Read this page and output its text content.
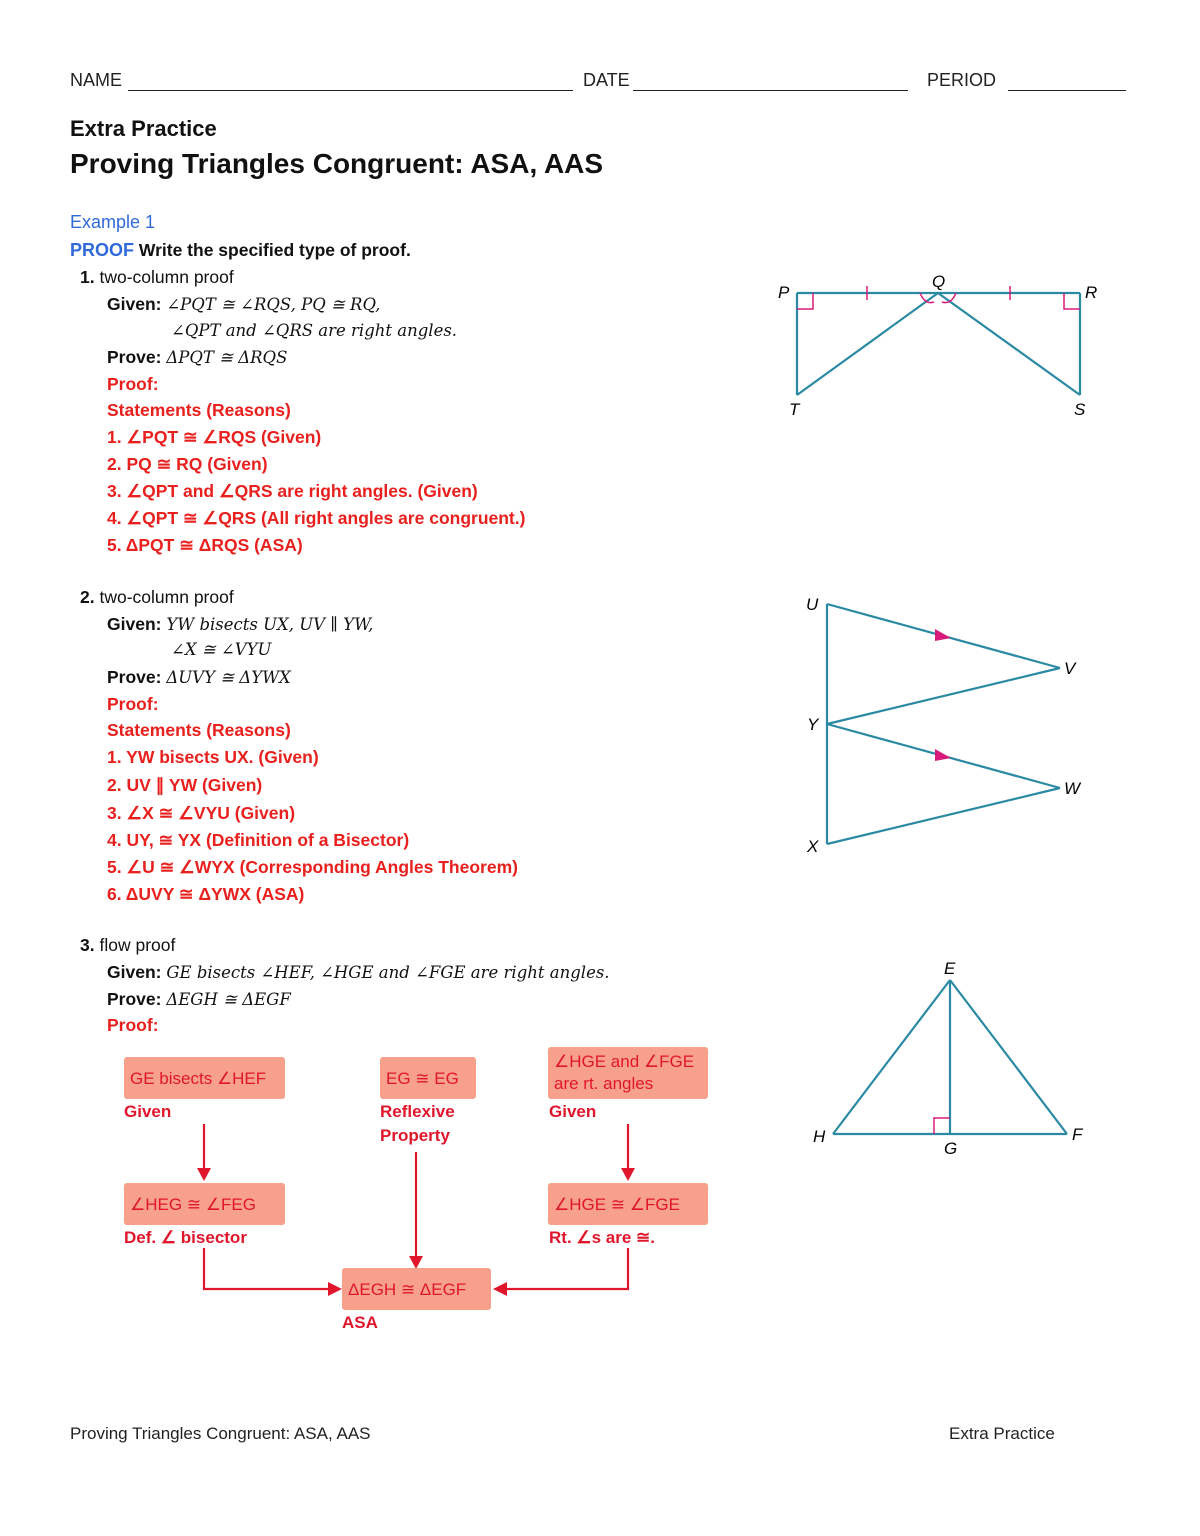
NAME	DATE	PERIOD
Extra Practice
Proving Triangles Congruent: ASA, AAS
Example 1
PROOF Write the specified type of proof.
1. two-column proof
Given: ∠PQT ≅ ∠RQS, PQ ≅ RQ,
∠QPT and ∠QRS are right angles.
Prove: ΔPQT ≅ ΔRQS
Proof:
Statements (Reasons)
1. ∠PQT ≅ ∠RQS (Given)
2. PQ ≅ RQ (Given)
3. ∠QPT and ∠QRS are right angles. (Given)
4. ∠QPT ≅ ∠QRS (All right angles are congruent.)
5. ΔPQT ≅ ΔRQS (ASA)
P
Q
R
T	S
2. two-column proof
Given: YW bisects UX, UV ∥ YW,
∠X ≅ ∠VYU
Prove: ΔUVY ≅ ΔYWX
Proof:
Statements (Reasons)
1. YW bisects UX. (Given)
2. UV ∥ YW (Given)
3. ∠X ≅ ∠VYU (Given)
4. UY, ≅ YX (Definition of a Bisector)
5. ∠U ≅ ∠WYX (Corresponding Angles Theorem)
6. ΔUVY ≅ ΔYWX (ASA)
U
V
Y
W
X
3. flow proof
Given: GE bisects ∠HEF, ∠HGE and ∠FGE are right angles.
Prove: ΔEGH ≅ ΔEGF
Proof:
GE bisects ∠HEF
Given
EG ≅ EG
Reflexive
Property
∠HGE and ∠FGE
are rt. angles
Given
∠HEG ≅ ∠FEG
Def. ∠ bisector
∠HGE ≅ ∠FGE
Rt. ∠s are ≅.
ΔEGH ≅ ΔEGF
ASA
E
H
G
F
Proving Triangles Congruent: ASA, AAS	Extra Practice
